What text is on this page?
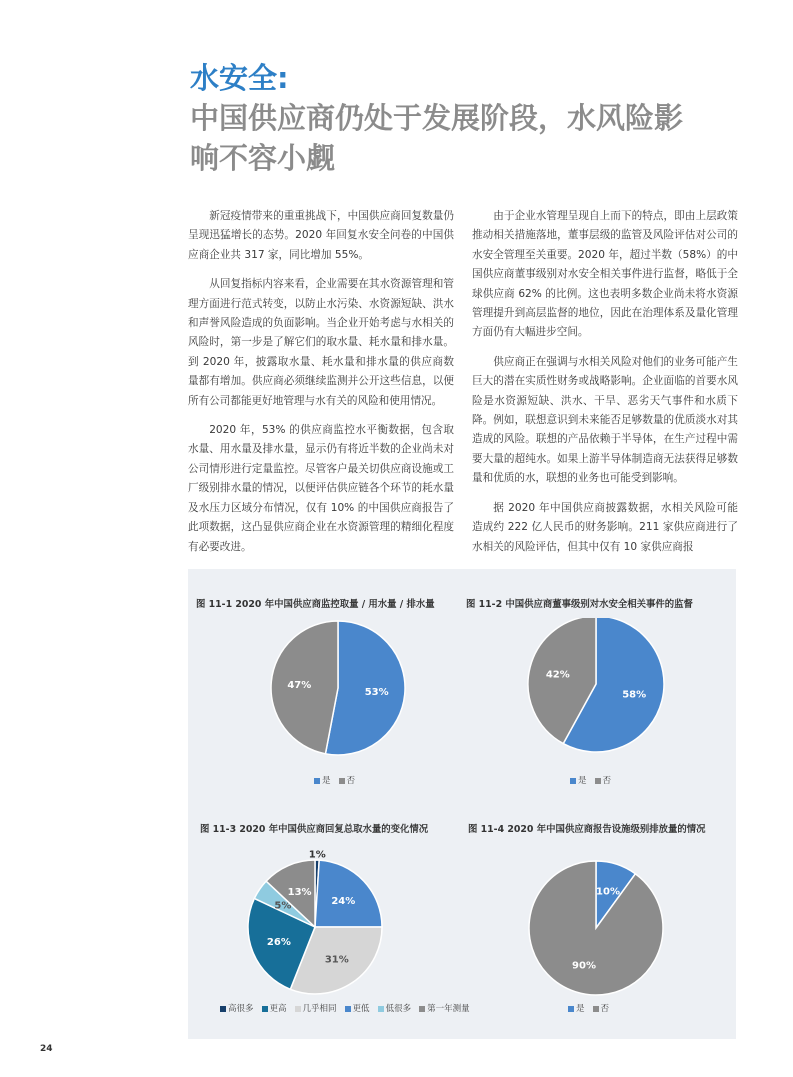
水安全:
中国供应商仍处于发展阶段，水风险影
响不容小觑

新冠疫情带来的重重挑战下，中国供应商回复数量仍呈现迅猛增长的态势。2020 年回复水安全问卷的中国供应商企业共 317 家，同比增加 55%。

从回复指标内容来看，企业需要在其水资源管理和管理方面进行范式转变，以防止水污染、水资源短缺、洪水和声誉风险造成的负面影响。当企业开始考虑与水相关的风险时，第一步是了解它们的取水量、耗水量和排水量。到 2020 年，披露取水量、耗水量和排水量的供应商数量都有增加。供应商必须继续监测并公开这些信息，以便所有公司都能更好地管理与水有关的风险和使用情况。

2020 年，53% 的供应商监控水平衡数据，包含取水量、用水量及排水量，显示仍有将近半数的企业尚未对公司情形进行定量监控。尽管客户最关切供应商设施或工厂级别排水量的情况，以便评估供应链各个环节的耗水量及水压力区域分布情况，仅有 10% 的中国供应商报告了此项数据，这凸显供应商企业在水资源管理的精细化程度有必要改进。

由于企业水管理呈现自上而下的特点，即由上层政策推动相关措施落地，董事层级的监管及风险评估对公司的水安全管理至关重要。2020 年，超过半数（58%）的中国供应商董事级别对水安全相关事件进行监督，略低于全球供应商 62% 的比例。这也表明多数企业尚未将水资源管理提升到高层监督的地位，因此在治理体系及量化管理方面仍有大幅进步空间。

供应商正在强调与水相关风险对他们的业务可能产生巨大的潜在实质性财务或战略影响。企业面临的首要水风险是水资源短缺、洪水、干旱、恶劣天气事件和水质下降。例如，联想意识到未来能否足够数量的优质淡水对其造成的风险。联想的产品依赖于半导体，在生产过程中需要大量的超纯水。如果上游半导体制造商无法获得足够数量和优质的水，联想的业务也可能受到影响。

据 2020 年中国供应商披露数据，水相关风险可能造成约 222 亿人民币的财务影响。211 家供应商进行了水相关的风险评估，但其中仅有 10 家供应商报

图 11-1 2020 年中国供应商监控取量 / 用水量 / 排水量
53%
47%
是 否
图 11-2 中国供应商董事级别对水安全相关事件的监督
58%
42%
是 否
图 11-3 2020 年中国供应商回复总取水量的变化情况
1%
24%
31%
26%
5%
13%
高很多 更高 几乎相同 更低 低很多 第一年测量
图 11-4 2020 年中国供应商报告设施级别排放量的情况
10%
90%
是 否
24
